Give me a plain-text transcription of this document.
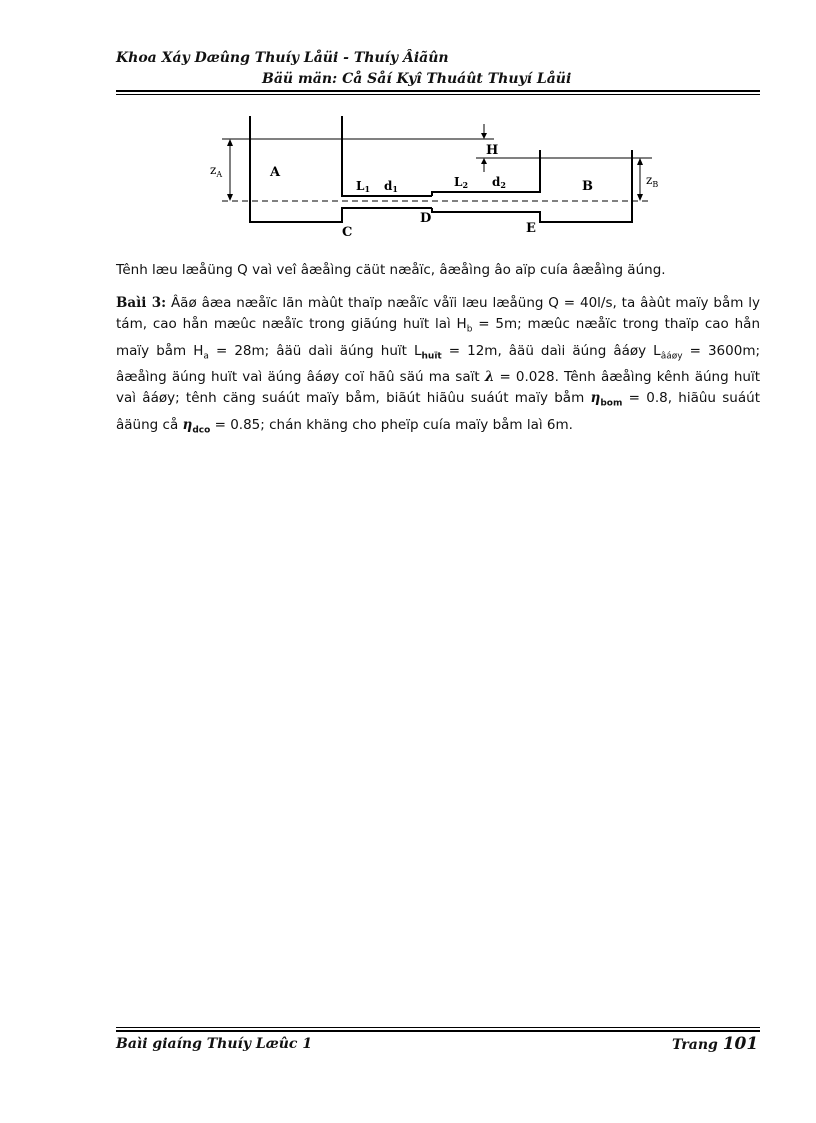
Khoa Xáy Dæûng Thuíy Låüi - Thuíy Âiãûn
Bäü män: Cå Såí Kyî Thuáût Thuyí Låüi
$z_A$	$z_B$
A
B
C
D
E
H
L1 d1	L2 d2
Tênh læu læåüng Q vaì veî âæåìng cäüt næåïc, âæåìng âo aïp cuía âæåìng äúng.
Baìi 3: Âãø âæa næåïc lãn màût thaïp næåïc våïi læu læåüng Q = 40l/s, ta âàût maïy båm ly tám, cao hån mæûc næåïc trong giãúng huït laì $H_b = 5m$; mæûc næåïc trong thaïp cao hån maïy båm $H_a = 28m$; âäü daìi äúng huït $L_{huït} = 12m$, âäü daìi äúng âáøy $L_{âáøy} = 3600m$; âæåìng äúng huït vaì äúng âáøy coï hãû säú ma saït λ = 0.028. Tênh âæåìng kênh äúng huït vaì âáøy; tênh cäng suáút maïy båm, biãút hiãûu suáút maïy båm $\eta_{bom} = 0.8$, hiãûu suáút âäüng cå $\eta_{dco} = 0.85$; chán khäng cho pheïp cuía maïy båm laì 6m.
Baìi giaíng Thuíy Læûc 1	Trang 101
